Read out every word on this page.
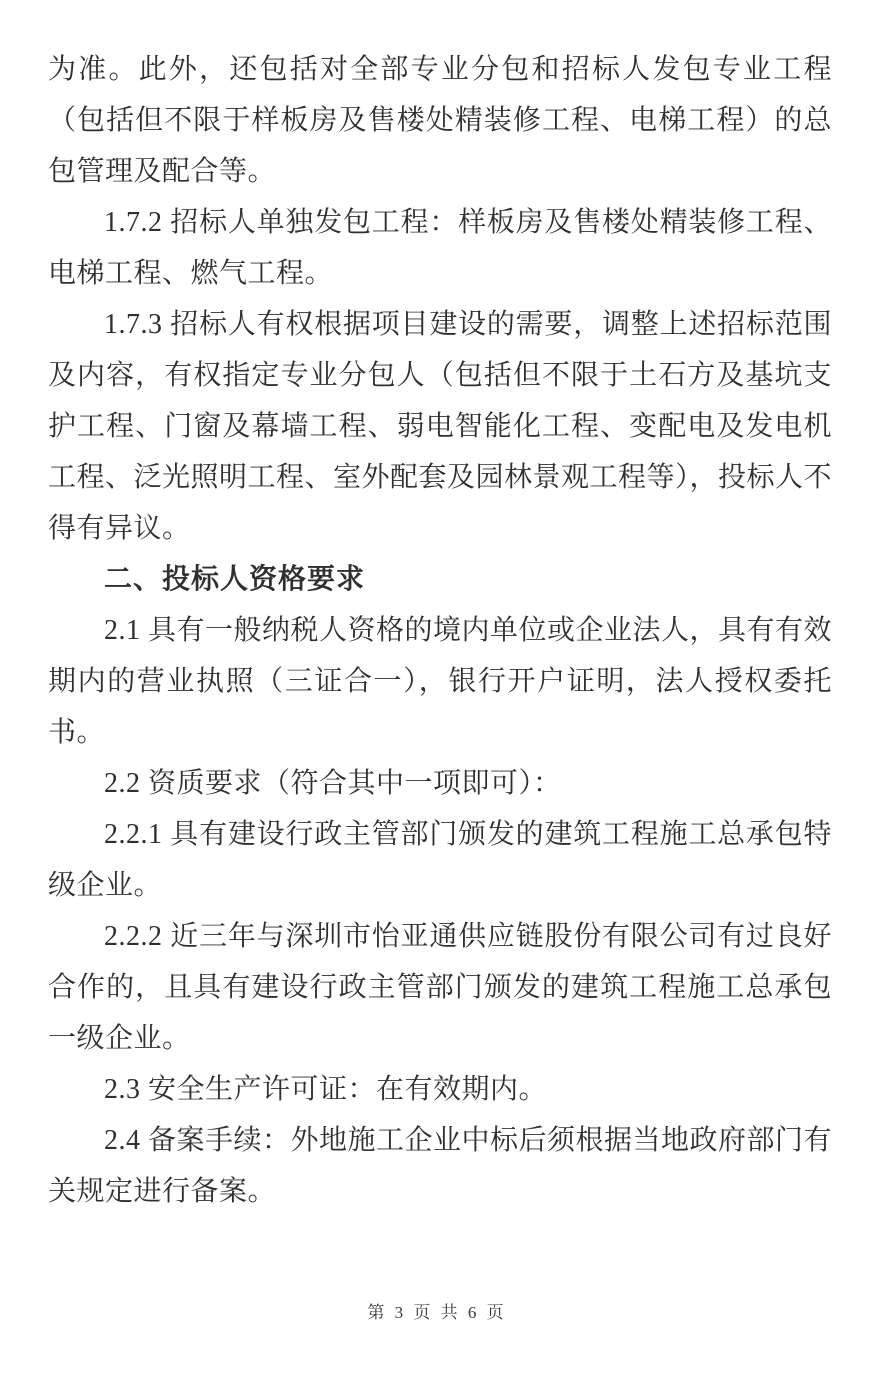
为准。此外，还包括对全部专业分包和招标人发包专业工程（包括但不限于样板房及售楼处精装修工程、电梯工程）的总包管理及配合等。

1.7.2 招标人单独发包工程：样板房及售楼处精装修工程、电梯工程、燃气工程。

1.7.3 招标人有权根据项目建设的需要，调整上述招标范围及内容，有权指定专业分包人（包括但不限于土石方及基坑支护工程、门窗及幕墙工程、弱电智能化工程、变配电及发电机工程、泛光照明工程、室外配套及园林景观工程等），投标人不得有异议。

二、投标人资格要求

2.1 具有一般纳税人资格的境内单位或企业法人，具有有效期内的营业执照（三证合一），银行开户证明，法人授权委托书。

2.2 资质要求（符合其中一项即可）：

2.2.1 具有建设行政主管部门颁发的建筑工程施工总承包特级企业。

2.2.2 近三年与深圳市怡亚通供应链股份有限公司有过良好合作的，且具有建设行政主管部门颁发的建筑工程施工总承包一级企业。

2.3 安全生产许可证：在有效期内。

2.4 备案手续：外地施工企业中标后须根据当地政府部门有关规定进行备案。

第 3 页 共 6 页
